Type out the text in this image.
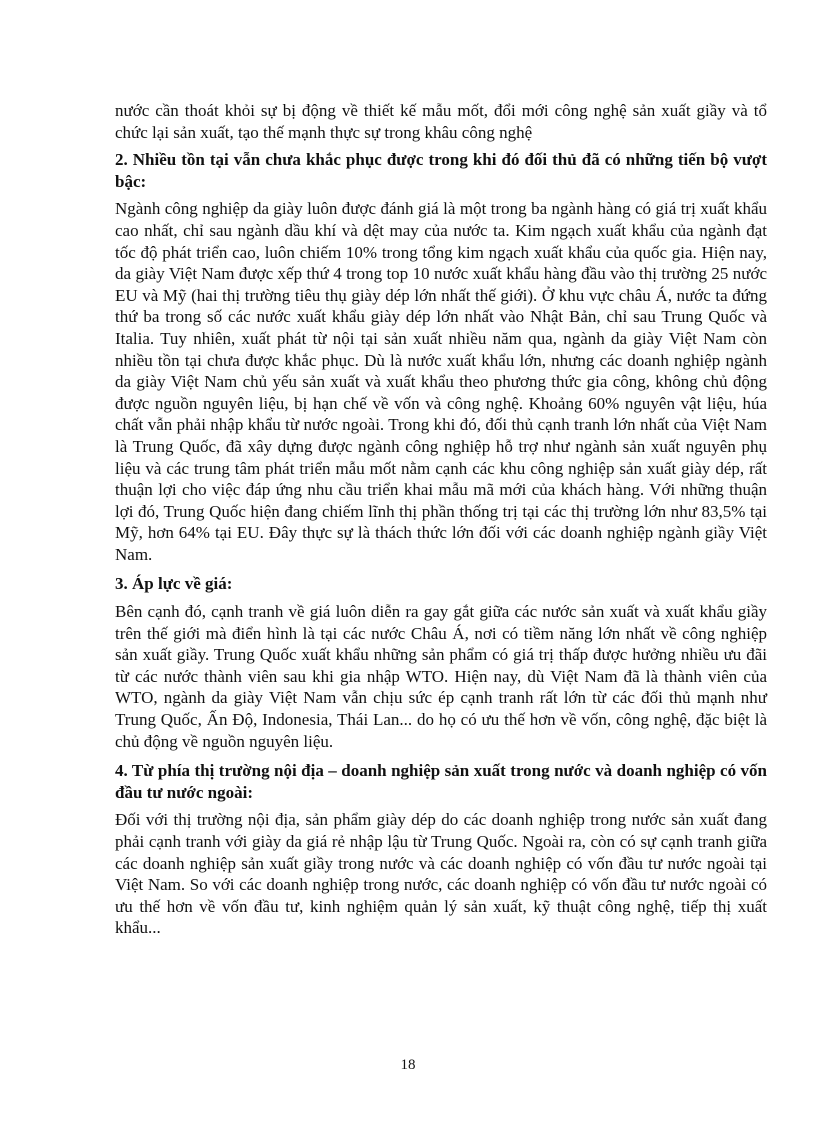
nước cần thoát khỏi sự bị động về thiết kế mẫu mốt, đổi mới công nghệ sản xuất giầy và tổ chức lại sản xuất, tạo thế mạnh thực sự trong khâu công nghệ

2. Nhiều tồn tại vẫn chưa khắc phục được trong khi đó đối thủ đã có những tiến bộ vượt bậc:

Ngành công nghiệp da giày luôn được đánh giá là một trong ba ngành hàng có giá trị xuất khẩu cao nhất, chỉ sau ngành dầu khí và dệt may của nước ta. Kim ngạch xuất khẩu của ngành đạt tốc độ phát triển cao, luôn chiếm 10% trong tổng kim ngạch xuất khẩu của quốc gia. Hiện nay, da giày Việt Nam được xếp thứ 4 trong top 10 nước xuất khẩu hàng đầu vào thị trường 25 nước EU và Mỹ (hai thị trường tiêu thụ giày dép lớn nhất thế giới). Ở khu vực châu Á, nước ta đứng thứ ba trong số các nước xuất khẩu giày dép lớn nhất vào Nhật Bản, chỉ sau Trung Quốc và Italia. Tuy nhiên, xuất phát từ nội tại sản xuất nhiều năm qua, ngành da giày Việt Nam còn nhiều tồn tại chưa được khắc phục. Dù là nước xuất khẩu lớn, nhưng các doanh nghiệp ngành da giày Việt Nam chủ yếu sản xuất và xuất khẩu theo phương thức gia công, không chủ động được nguồn nguyên liệu, bị hạn chế về vốn và công nghệ. Khoảng 60% nguyên vật liệu, húa chất vẫn phải nhập khẩu từ nước ngoài. Trong khi đó, đối thủ cạnh tranh lớn nhất của Việt Nam là Trung Quốc, đã xây dựng được ngành công nghiệp hỗ trợ như ngành sản xuất nguyên phụ liệu và các trung tâm phát triển mẫu mốt nằm cạnh các khu công nghiệp sản xuất giày dép, rất thuận lợi cho việc đáp ứng nhu cầu triển khai mẫu mã mới của khách hàng. Với những thuận lợi đó, Trung Quốc hiện đang chiếm lĩnh thị phần thống trị tại các thị trường lớn như 83,5% tại Mỹ, hơn 64% tại EU. Đây thực sự là thách thức lớn đối với các doanh nghiệp ngành giầy Việt Nam.

3. Áp lực về giá:

Bên cạnh đó, cạnh tranh về giá luôn diễn ra gay gắt giữa các nước sản xuất và xuất khẩu giầy trên thế giới mà điển hình là tại các nước Châu Á, nơi có tiềm năng lớn nhất về công nghiệp sản xuất giầy. Trung Quốc xuất khẩu những sản phẩm có giá trị thấp được hưởng nhiều ưu đãi từ các nước thành viên sau khi gia nhập WTO. Hiện nay, dù Việt Nam đã là thành viên của WTO, ngành da giày Việt Nam vẫn chịu sức ép cạnh tranh rất lớn từ các đối thủ mạnh như Trung Quốc, Ấn Độ, Indonesia, Thái Lan... do họ có ưu thế hơn về vốn, công nghệ, đặc biệt là chủ động về nguồn nguyên liệu.

4. Từ phía thị trường nội địa – doanh nghiệp sản xuất trong nước và doanh nghiệp có vốn đầu tư nước ngoài:

Đối với thị trường nội địa, sản phẩm giày dép do các doanh nghiệp trong nước sản xuất đang phải cạnh tranh với giày da giá rẻ nhập lậu từ Trung Quốc. Ngoài ra, còn có sự cạnh tranh giữa các doanh nghiệp sản xuất giầy trong nước và các doanh nghiệp có vốn đầu tư nước ngoài tại Việt Nam. So với các doanh nghiệp trong nước, các doanh nghiệp có vốn đầu tư nước ngoài có ưu thế hơn về vốn đầu tư, kinh nghiệm quản lý sản xuất, kỹ thuật công nghệ, tiếp thị xuất khẩu...

18
